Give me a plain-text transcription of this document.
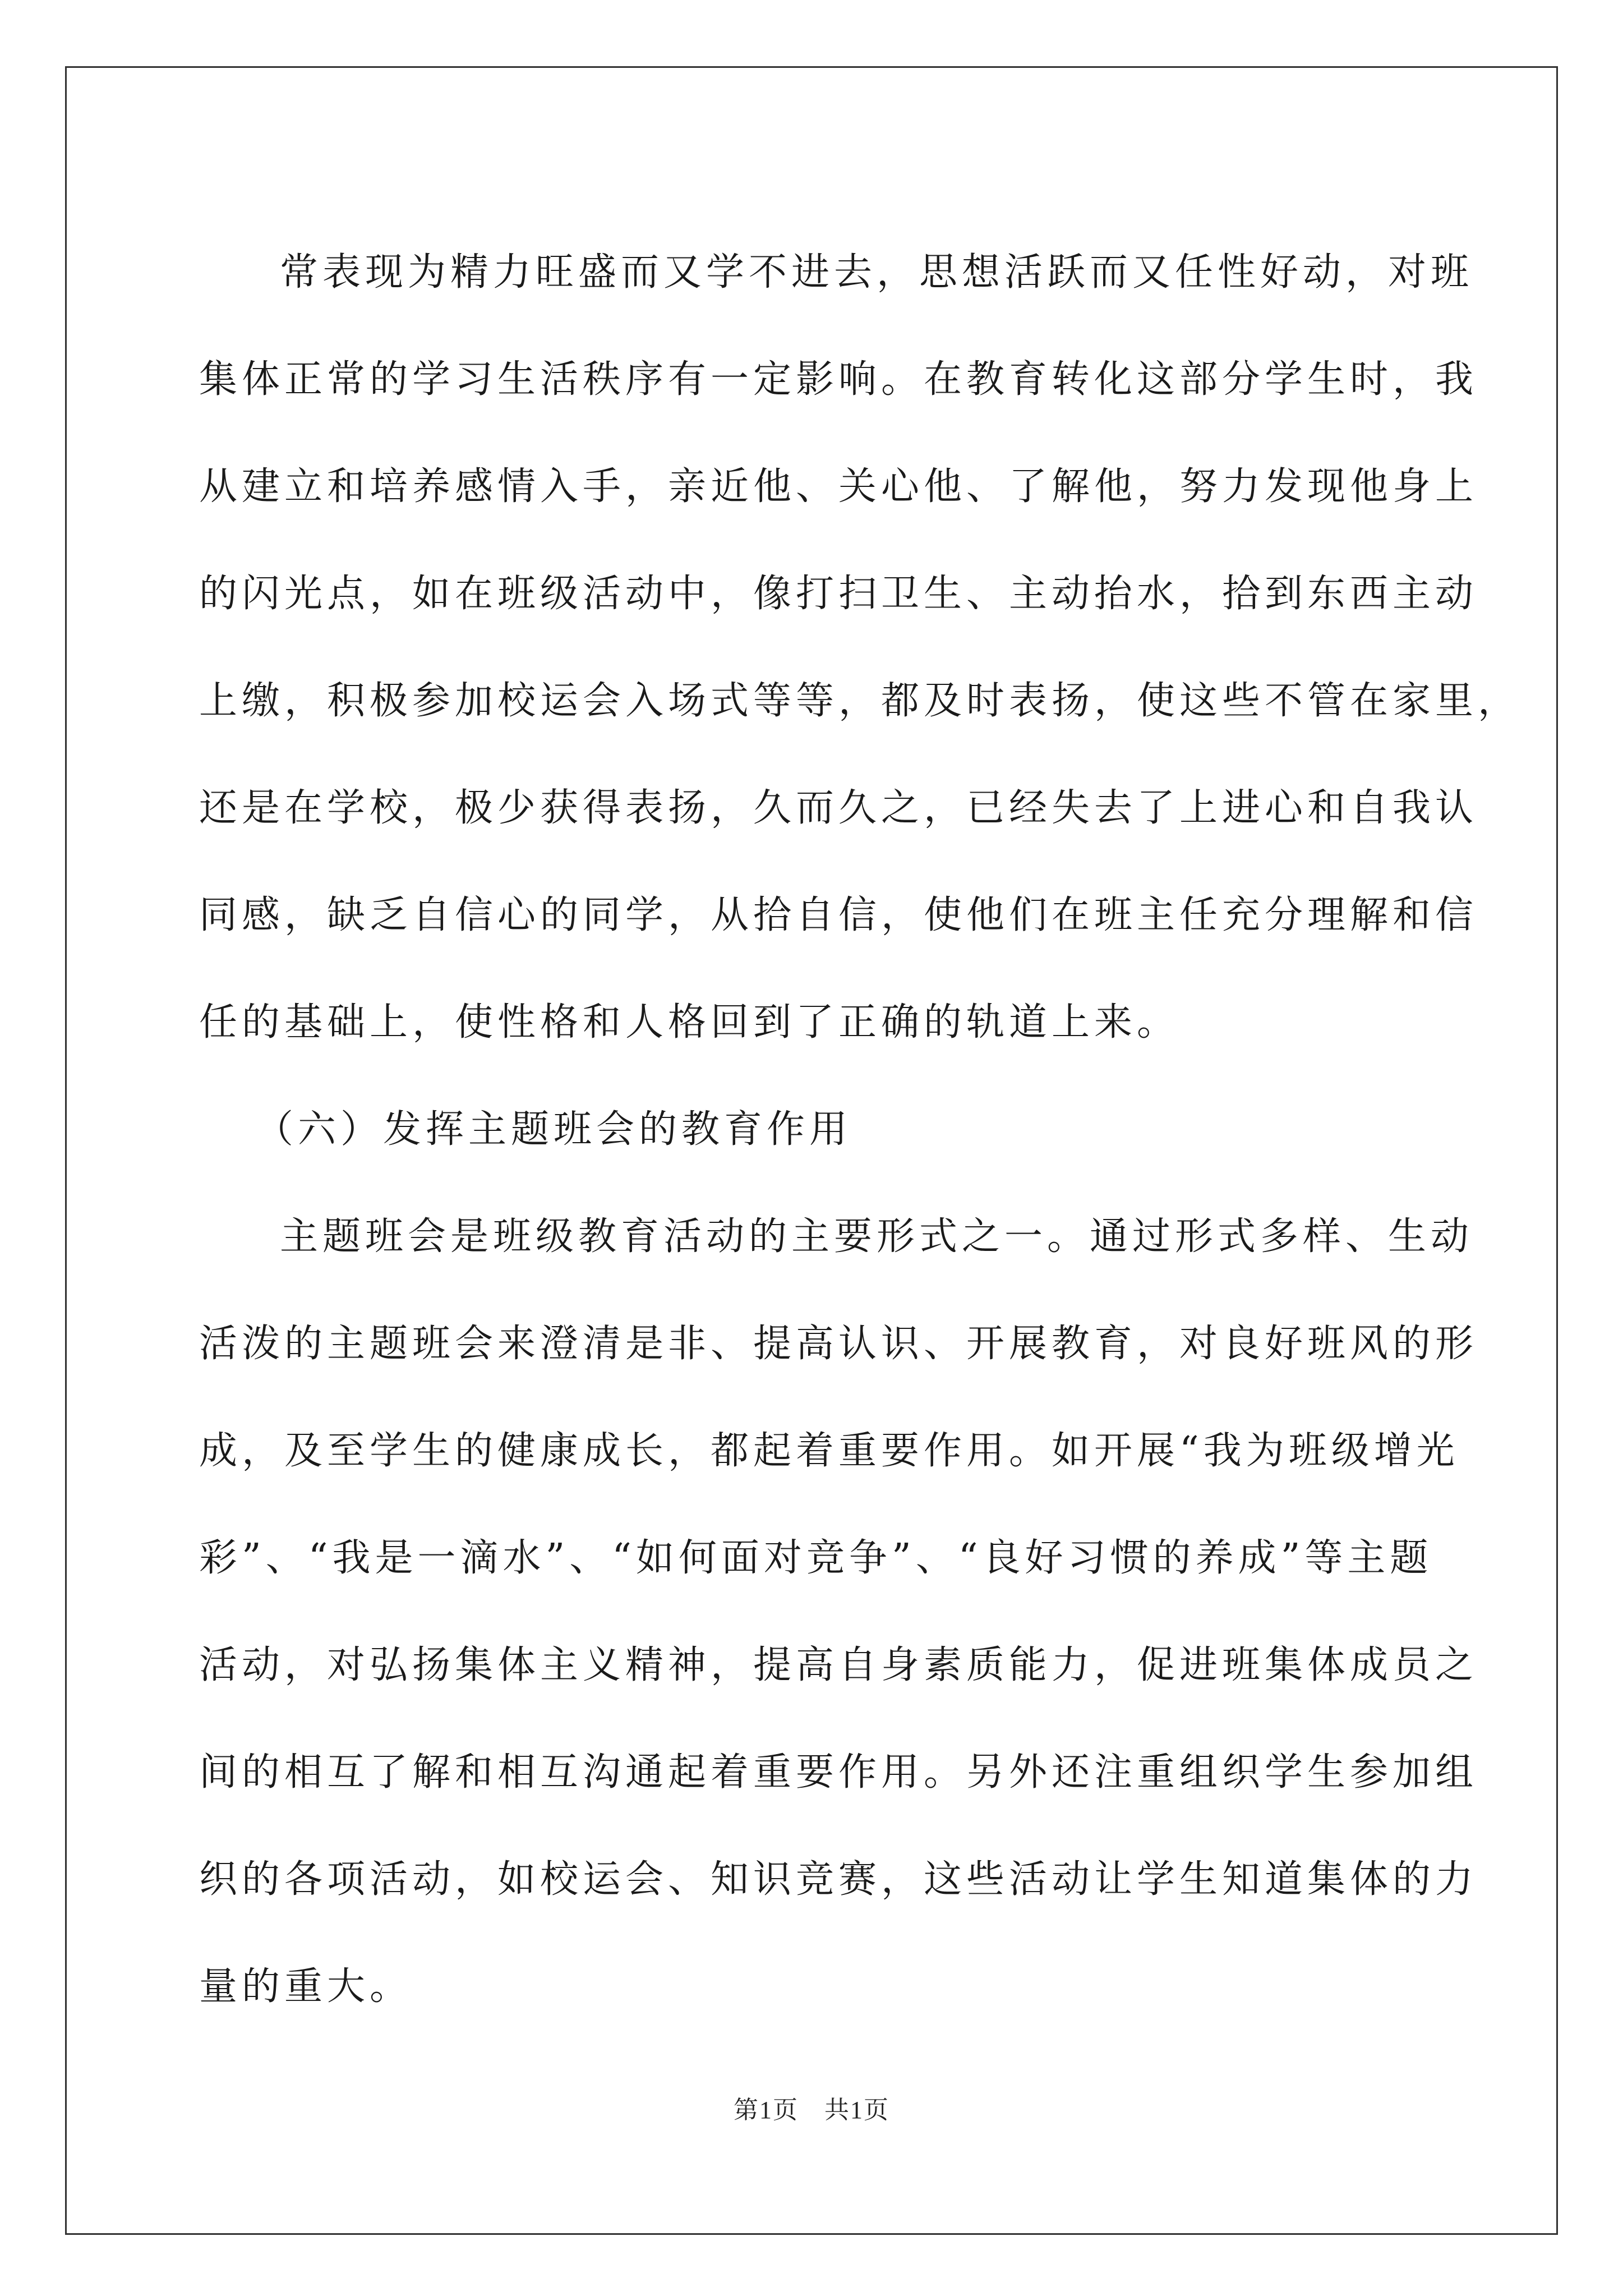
常表现为精力旺盛而又学不进去，思想活跃而又任性好动，对班
集体正常的学习生活秩序有一定影响。在教育转化这部分学生时，我
从建立和培养感情入手，亲近他、关心他、了解他，努力发现他身上
的闪光点，如在班级活动中，像打扫卫生、主动抬水，拾到东西主动
上缴，积极参加校运会入场式等等，都及时表扬，使这些不管在家里，
还是在学校，极少获得表扬，久而久之，已经失去了上进心和自我认
同感，缺乏自信心的同学，从拾自信，使他们在班主任充分理解和信
任的基础上，使性格和人格回到了正确的轨道上来。
（六）发挥主题班会的教育作用
主题班会是班级教育活动的主要形式之一。通过形式多样、生动
活泼的主题班会来澄清是非、提高认识、开展教育，对良好班风的形
成，及至学生的健康成长，都起着重要作用。如开展“我为班级增光
彩”、“我是一滴水”、“如何面对竞争”、“良好习惯的养成”等主题
活动，对弘扬集体主义精神，提高自身素质能力，促进班集体成员之
间的相互了解和相互沟通起着重要作用。另外还注重组织学生参加组
织的各项活动，如校运会、知识竞赛，这些活动让学生知道集体的力
量的重大。
第1页　共1页
